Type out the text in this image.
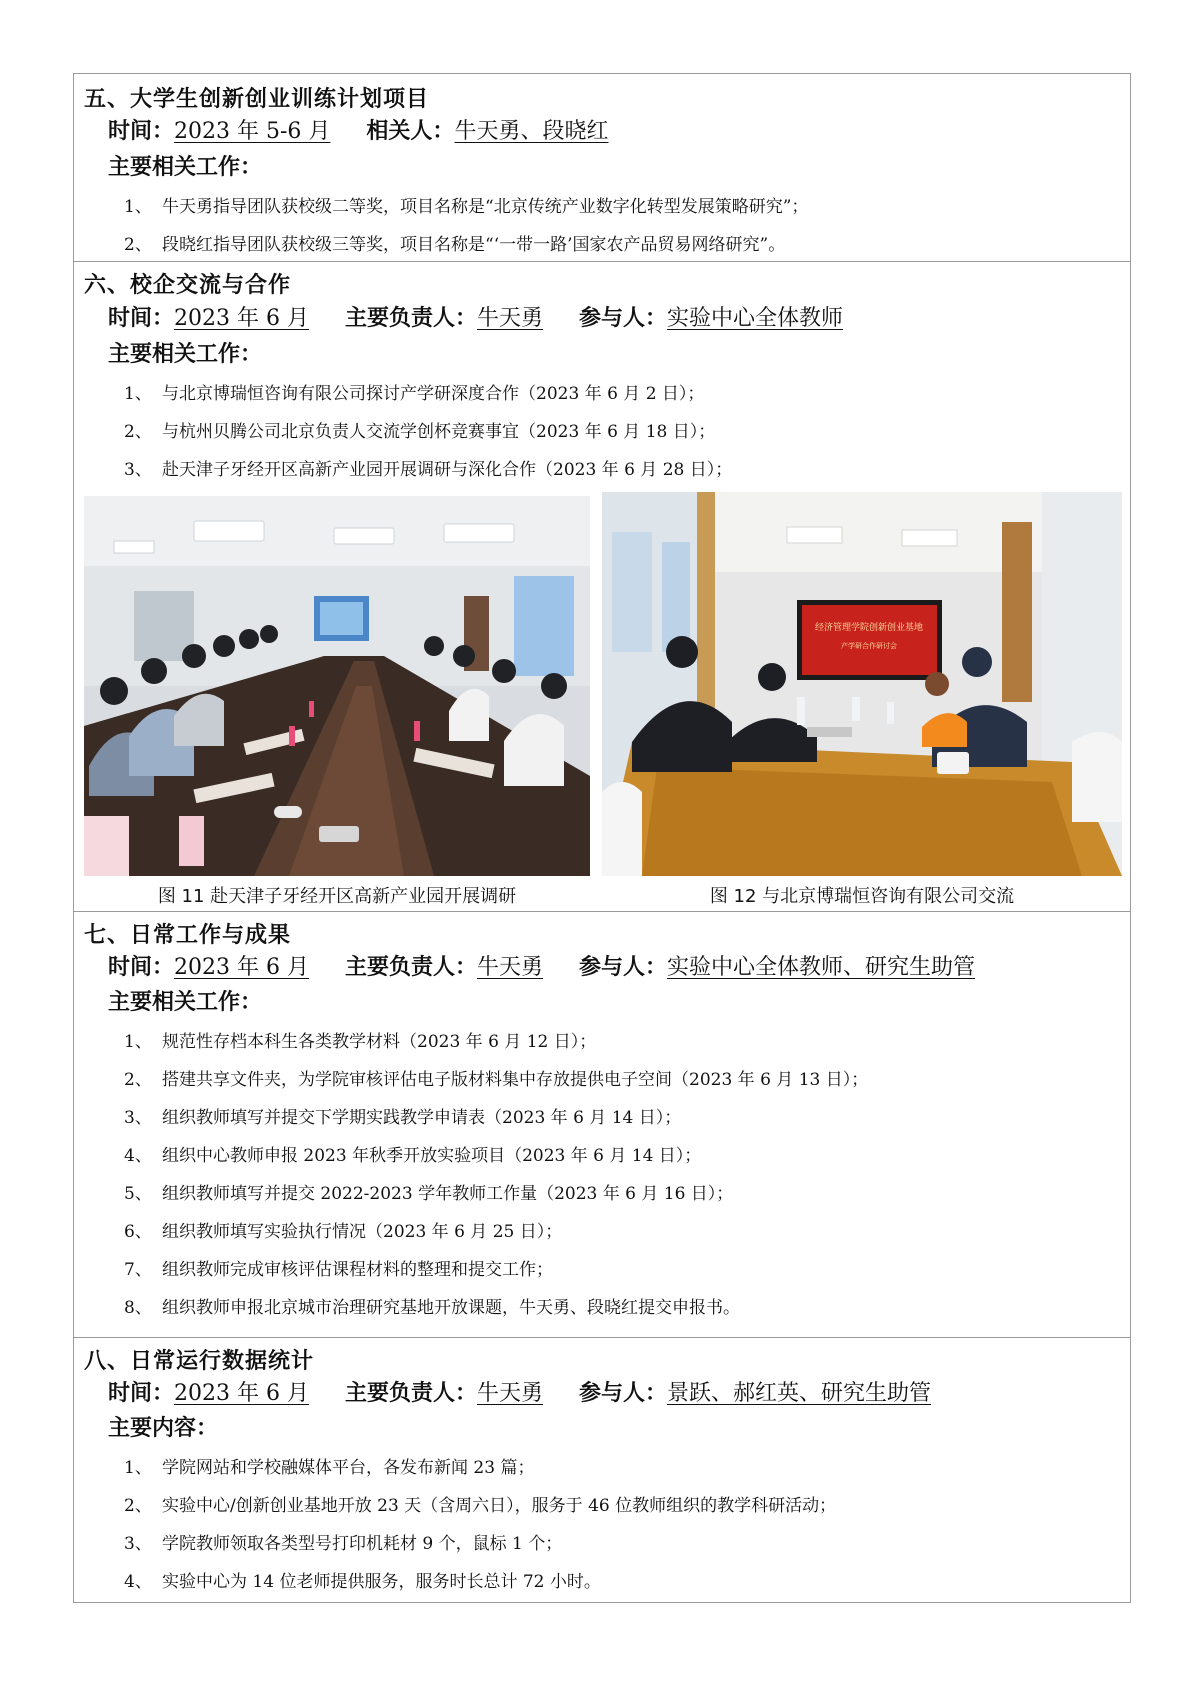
五、大学生创新创业训练计划项目
时间：2023 年 5-6 月 相关人：牛天勇、段晓红
主要相关工作：
1、 牛天勇指导团队获校级二等奖，项目名称是“北京传统产业数字化转型发展策略研究”；
2、 段晓红指导团队获校级三等奖，项目名称是“‘一带一路’国家农产品贸易网络研究”。
六、校企交流与合作
时间：2023 年 6 月 主要负责人：牛天勇 参与人：实验中心全体教师
主要相关工作：
1、 与北京博瑞恒咨询有限公司探讨产学研深度合作（2023 年 6 月 2 日）；
2、 与杭州贝腾公司北京负责人交流学创杯竞赛事宜（2023 年 6 月 18 日）；
3、 赴天津子牙经开区高新产业园开展调研与深化合作（2023 年 6 月 28 日）；
图 11 赴天津子牙经开区高新产业园开展调研
经济管理学院创新创业基地
产学研合作研讨会
图 12 与北京博瑞恒咨询有限公司交流
七、日常工作与成果
时间：2023 年 6 月 主要负责人：牛天勇 参与人：实验中心全体教师、研究生助管
主要相关工作：
1、 规范性存档本科生各类教学材料（2023 年 6 月 12 日）；
2、 搭建共享文件夹，为学院审核评估电子版材料集中存放提供电子空间（2023 年 6 月 13 日）；
3、 组织教师填写并提交下学期实践教学申请表（2023 年 6 月 14 日）；
4、 组织中心教师申报 2023 年秋季开放实验项目（2023 年 6 月 14 日）；
5、 组织教师填写并提交 2022-2023 学年教师工作量（2023 年 6 月 16 日）；
6、 组织教师填写实验执行情况（2023 年 6 月 25 日）；
7、 组织教师完成审核评估课程材料的整理和提交工作；
8、 组织教师申报北京城市治理研究基地开放课题，牛天勇、段晓红提交申报书。
八、日常运行数据统计
时间：2023 年 6 月 主要负责人：牛天勇 参与人：景跃、郝红英、研究生助管
主要内容：
1、 学院网站和学校融媒体平台，各发布新闻 23 篇；
2、 实验中心/创新创业基地开放 23 天（含周六日），服务于 46 位教师组织的教学科研活动；
3、 学院教师领取各类型号打印机耗材 9 个，鼠标 1 个；
4、 实验中心为 14 位老师提供服务，服务时长总计 72 小时。
